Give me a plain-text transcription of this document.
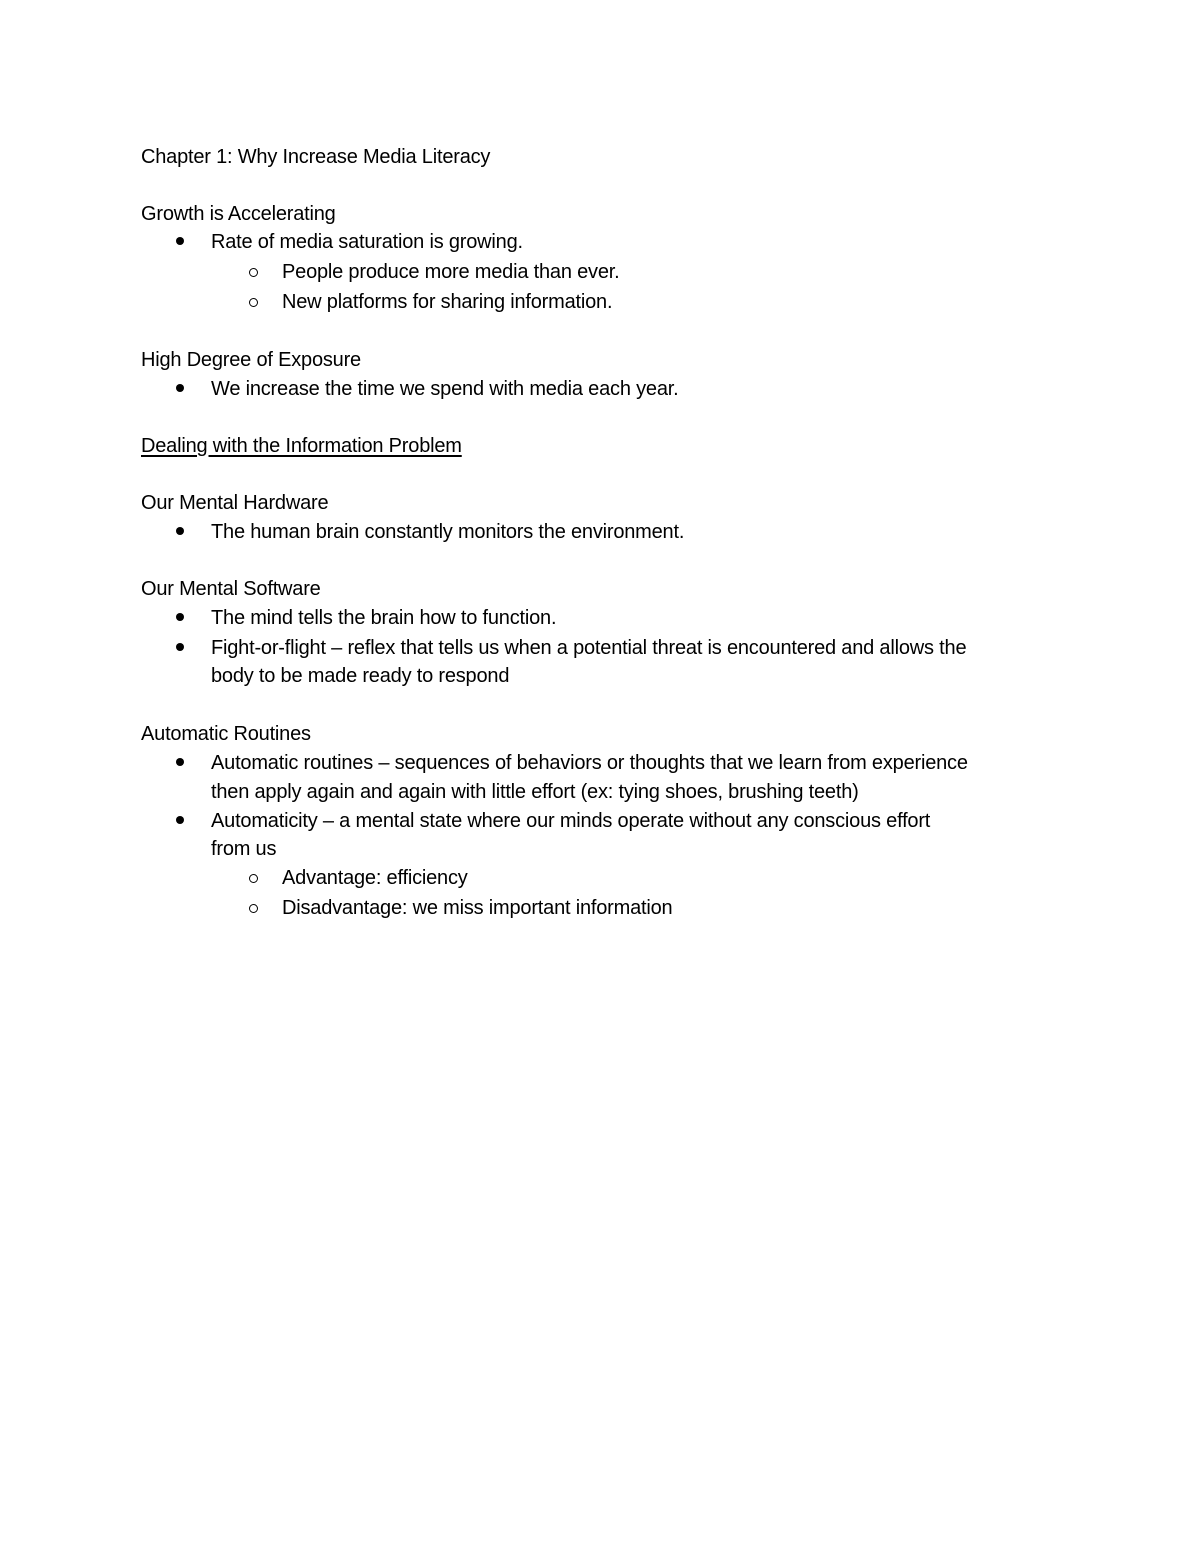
Chapter 1: Why Increase Media Literacy
Growth is Accelerating
Rate of media saturation is growing.
People produce more media than ever.
New platforms for sharing information.
High Degree of Exposure
We increase the time we spend with media each year.
Dealing with the Information Problem
Our Mental Hardware
The human brain constantly monitors the environment.
Our Mental Software
The mind tells the brain how to function.
Fight-or-flight – reflex that tells us when a potential threat is encountered and allows the
body to be made ready to respond
Automatic Routines
Automatic routines – sequences of behaviors or thoughts that we learn from experience
then apply again and again with little effort (ex: tying shoes, brushing teeth)
Automaticity – a mental state where our minds operate without any conscious effort
from us
Advantage: efficiency
Disadvantage: we miss important information
